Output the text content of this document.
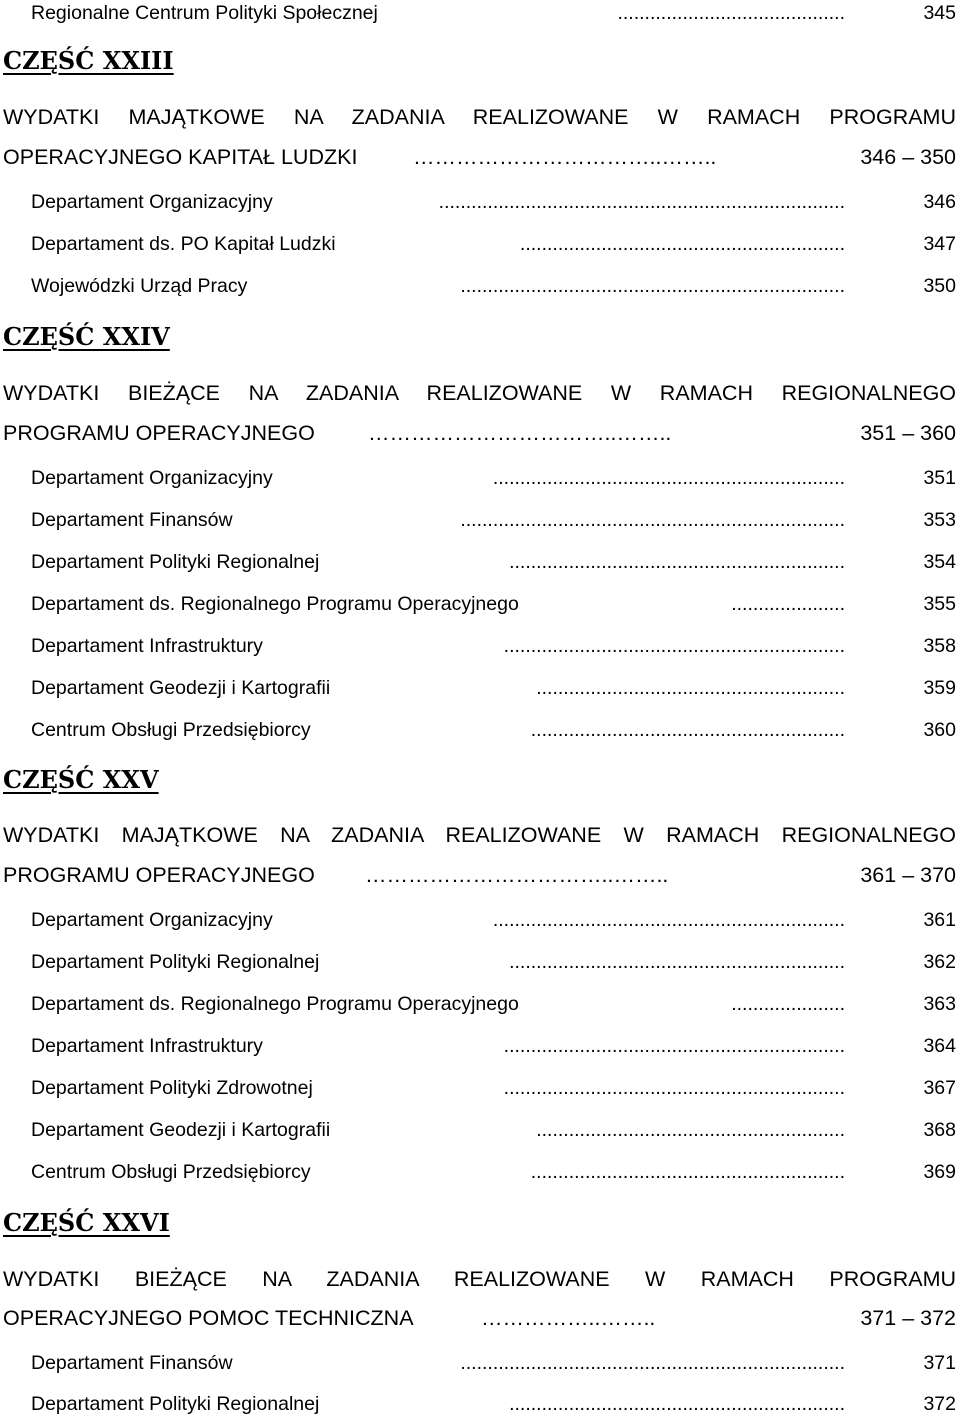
Regionalne Centrum Polityki Społecznej	..........................................	345
CZĘŚĆ XXIII
WYDATKI MAJĄTKOWE NA ZADANIA REALIZOWANE W RAMACH PROGRAMU
OPERACYJNEGO KAPITAŁ LUDZKI	……………………………..……..	346 – 350
Departament Organizacyjny	...........................................................................	346
Departament ds. PO Kapitał Ludzki	............................................................	347
Wojewódzki Urząd Pracy	.......................................................................	350
CZĘŚĆ XXIV
WYDATKI BIEŻĄCE NA ZADANIA REALIZOWANE W RAMACH REGIONALNEGO
PROGRAMU OPERACYJNEGO ……………………………..……..	351 – 360
Departament Organizacyjny	.................................................................	351
Departament Finansów	.......................................................................	353
Departament Polityki Regionalnej	..............................................................	354
Departament ds. Regionalnego Programu Operacyjnego	.....................	355
Departament Infrastruktury	...............................................................	358
Departament Geodezji i Kartografii	.........................................................	359
Centrum Obsługi Przedsiębiorcy	..........................................................	360
CZĘŚĆ XXV
WYDATKI MAJĄTKOWE NA ZADANIA REALIZOWANE W RAMACH REGIONALNEGO
PROGRAMU OPERACYJNEGO ……………………………..……..	361 – 370
Departament Organizacyjny	.................................................................	361
Departament Polityki Regionalnej	..............................................................	362
Departament ds. Regionalnego Programu Operacyjnego	.....................	363
Departament Infrastruktury	...............................................................	364
Departament Polityki Zdrowotnej	...............................................................	367
Departament Geodezji i Kartografii	.........................................................	368
Centrum Obsługi Przedsiębiorcy	..........................................................	369
CZĘŚĆ XXVI
WYDATKI BIEŻĄCE NA ZADANIA REALIZOWANE W RAMACH PROGRAMU
OPERACYJNEGO POMOC TECHNICZNA	……………..……..	371 – 372
Departament Finansów	.......................................................................	371
Departament Polityki Regionalnej	..............................................................	372
